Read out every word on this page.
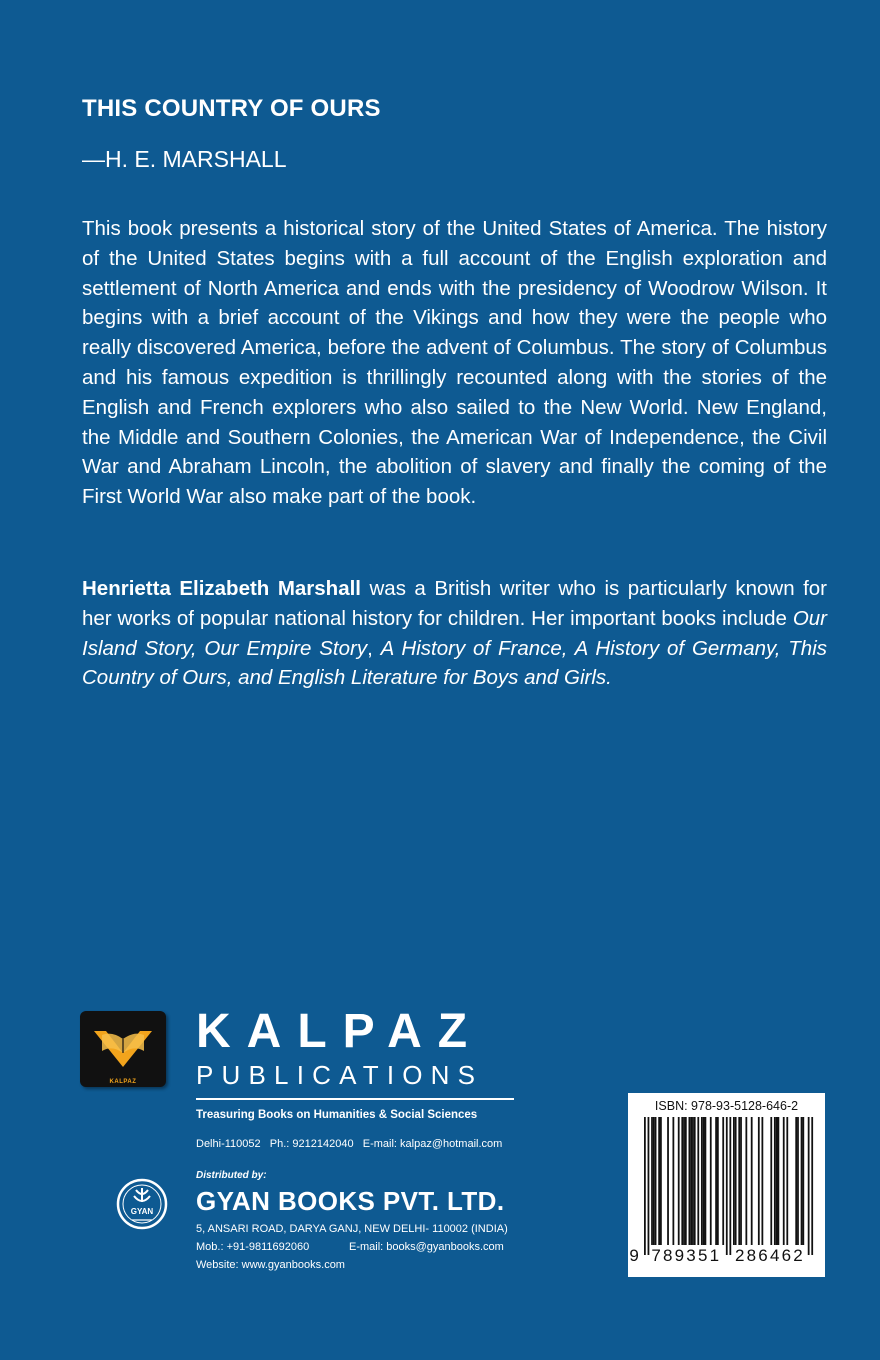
THIS COUNTRY OF OURS
—H. E. MARSHALL

This book presents a historical story of the United States of America. The history of the United States begins with a full account of the English exploration and settlement of North America and ends with the presidency of Woodrow Wilson. It begins with a brief account of the Vikings and how they were the people who really discovered America, before the advent of Columbus. The story of Columbus and his famous expedition is thrillingly recounted along with the stories of the English and French explorers who also sailed to the New World. New England, the Middle and Southern Colonies, the American War of Independence, the Civil War and Abraham Lincoln, the abolition of slavery and finally the coming of the First World War also make part of the book.

Henrietta Elizabeth Marshall was a British writer who is particularly known for her works of popular national history for children. Her important books include Our Island Story, Our Empire Story, A History of France, A History of Germany, This Country of Ours, and English Literature for Boys and Girls.

KALPAZ
KALPAZ
PUBLICATIONS
Treasuring Books on Humanities & Social Sciences
Delhi-110052   Ph.: 9212142040   E-mail: kalpaz@hotmail.com
Distributed by:
GYAN	GYAN BOOKS PVT. LTD.
5, ANSARI ROAD, DARYA GANJ, NEW DELHI- 110002 (INDIA)
Mob.: +91-9811692060             E-mail: books@gyanbooks.com
Website: www.gyanbooks.com
ISBN: 978-93-5128-646-2
9 789351 286462
